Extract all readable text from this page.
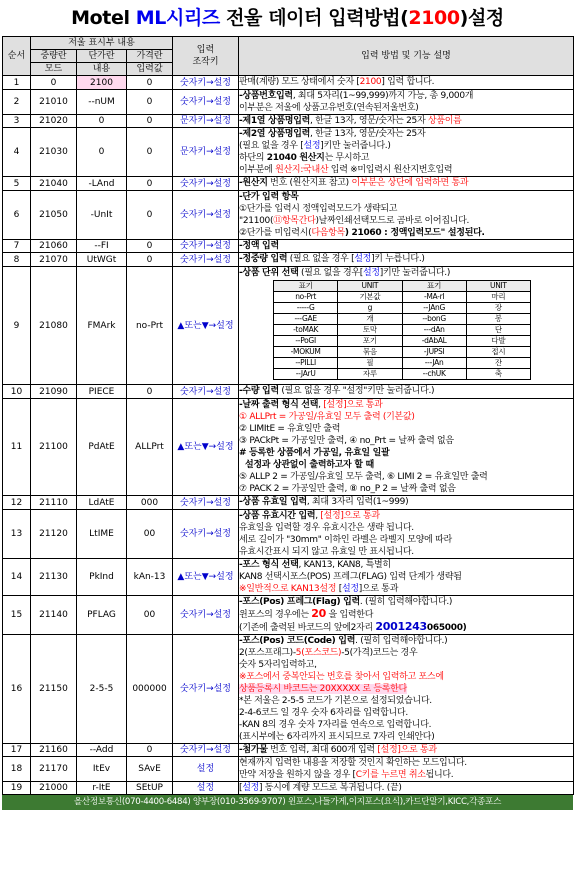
Motel ML시리즈 전울 데이터 입력방법(2100)설정
순서	저울 표시부 내용	입력
조작키	입력 방법 및 기능 설명
중량란	단가란	가격란
모드	내용	입력값
1	0	2100	0	숫자키→설정	판매(계량) 모드 상태에서 숫자 [2100] 입력 합니다.

2	21010	--nUM	0	숫자키→설정	
-상품번호입력, 최대 5자리(1~99,999)까지 가능, 총 9,000개
이부분은 저울에 상품고유번호(연속된저울번호)

3	21020	0	0	문자키→설정	-제1열 상품명입력, 한글 13자, 영문/숫자는 25자 상품이름

4	21030	0	0	문자키→설정	
-제2열 상품명입력, 한글 13자, 영문/숫자는 25자
(필요 없을 경우 [설정]키만 눌러줍니다.)
하단의 21040 원산지는 무시하고
이부분에 원산지:국내산 입력 ※미입력시 원산지번호입력

5	21040	-LAnd	0	숫자키→설정	-원산지 번호 (원산지표 참고) 이부분은 상단에 입력하면 통과

6	21050	-UnIt	0	숫자키→설정	
-단가 입력 항목
①단가를 입력시 정액입력모드가 생략되고
"21100(⑪항목간다)날짜인쇄선택모드로 곰바로 이어집니다.
②단가를 미입력시(다음항목) 21060 : 정액입력모드" 설정된다.

7	21060	--FI	0	숫자키→설정	-정액 입력

8	21070	UtWGt	0	숫자키→설정	-정중량 입력 (필요 없을 경우 [설정]키 누릅니다.)

9	21080	FMArk	no-Prt	▲또는▼→설정	
-상품 단위 선택 (필요 없을 경우[설정]키만 눌러줍니다.)
표기	UNIT	표기	UNIT
no-Prt	기본값	-MA-rI	마리
-----G	g	--JAnG	장
---GAE	개	--bonG	봉
-toMAK	토막	---dAn	단
--PoGI	포기	-dAbAL	다발
-MOKUM	묶음	-JUPSI	접시
--PILLI	필	---JAn	잔
--JArU	자루	--chUK	축

10	21090	PIECE	0	숫자키→설정	-수량 입력 (필요 없을 경우 "설정"키만 눌러줍니다.)

11	21100	PdAtE	ALLPrt	▲또는▼→설정	
-날짜 출력 형식 선택, [설정]으로 통과
① ALLPrt = 가공일/유효일 모두 출력 (기본값)
② LIMItE = 유효일만 출력
③ PACkPt = 가공일만 출력, ④ no_Prt = 날짜 출력 없음
# 등록한 상품에서 가공일, 유효일 일괄
설정과 상관없이 출력하고자 할 때
⑤ ALLP 2 = 가공일/유효일 모두 출력, ⑥ LIMI 2 = 유효일만 출력
⑦ PACK 2 = 가공일만 출력, ⑧ no_P 2 = 날짜 출력 없음

12	21110	LdAtE	000	숫자키→설정	-상품 유효일 입력, 최대 3자리 입력(1~999)

13	21120	LtIME	00	숫자키→설정	
-상품 유효시간 입력, [설정]으로 통과
유효일을 입력할 경우 유효시간은 생략 됩니다.
세로 길이가 "30mm" 이하인 라벨은 라벨지 모양에 따라
유효시간표시 되지 않고 유효일 만 표시됩니다.

14	21130	PkInd	kAn-13	▲또는▼→설정	
-포스 형식 선택, KAN13, KAN8, 특별히
KAN8 선택시포스(POS) 프레그(FLAG) 입력 단계가 생략됨
※일반적으로 KAN13설정 [설정]으로 통과

15	21140	PFLAG	00	숫자키→설정	
-포스(Pos) 프레그(Flag) 입력. (필히 입력해야합니다.)
윈포스의 경우에는 20 을 입력한다
(기존에 출력된 바코드의 앞에2자리 2001243065000)

16	21150	2-5-5	000000	숫자키→설정	
-포스(Pos) 코드(Code) 입력. (필히 입력해야합니다.)
2(포스프래그)-5(포스코드)-5(가격)코드는 경우
숫자 5자리입력하고,
※포스에서 중복안되는 번호를 찾아서 입력하고 포스에
상품등록시 바코드는 20XXXXX 로 등록한다
*본 저울은 2-5-5 코드가 기본으로 설정되었습니다.
2-4-6코드 일 경우 숫자 6자리를 입력합니다.
-KAN 8의 경우 숫자 7자리를 연속으로 입력합니다.
(표시부에는 6자리까지 표시되므로 7자리 인쇄안다)

17	21160	--Add	0	숫자키→설정	-첨가물 번호 입력, 최대 600개 입력 [설정]으로 통과

18	21170	ItEv	SAvE	설정	
현재까지 입력한 내용을 저장할 것인지 확인하는 모드입니다.
만약 저장을 원하지 않을 경우 [C키를 누르면 취소됩니다.

19	21000	r-ItE	SEtUP	설정	[설정] 동시에 계량 모드로 복귀됩니다. (끝)
올산정보통신(070-4400-6484) 양부장(010-3569-9707) 윈포스,나들가게,이지포스(요식),카드단말기,KICC,각종포스
